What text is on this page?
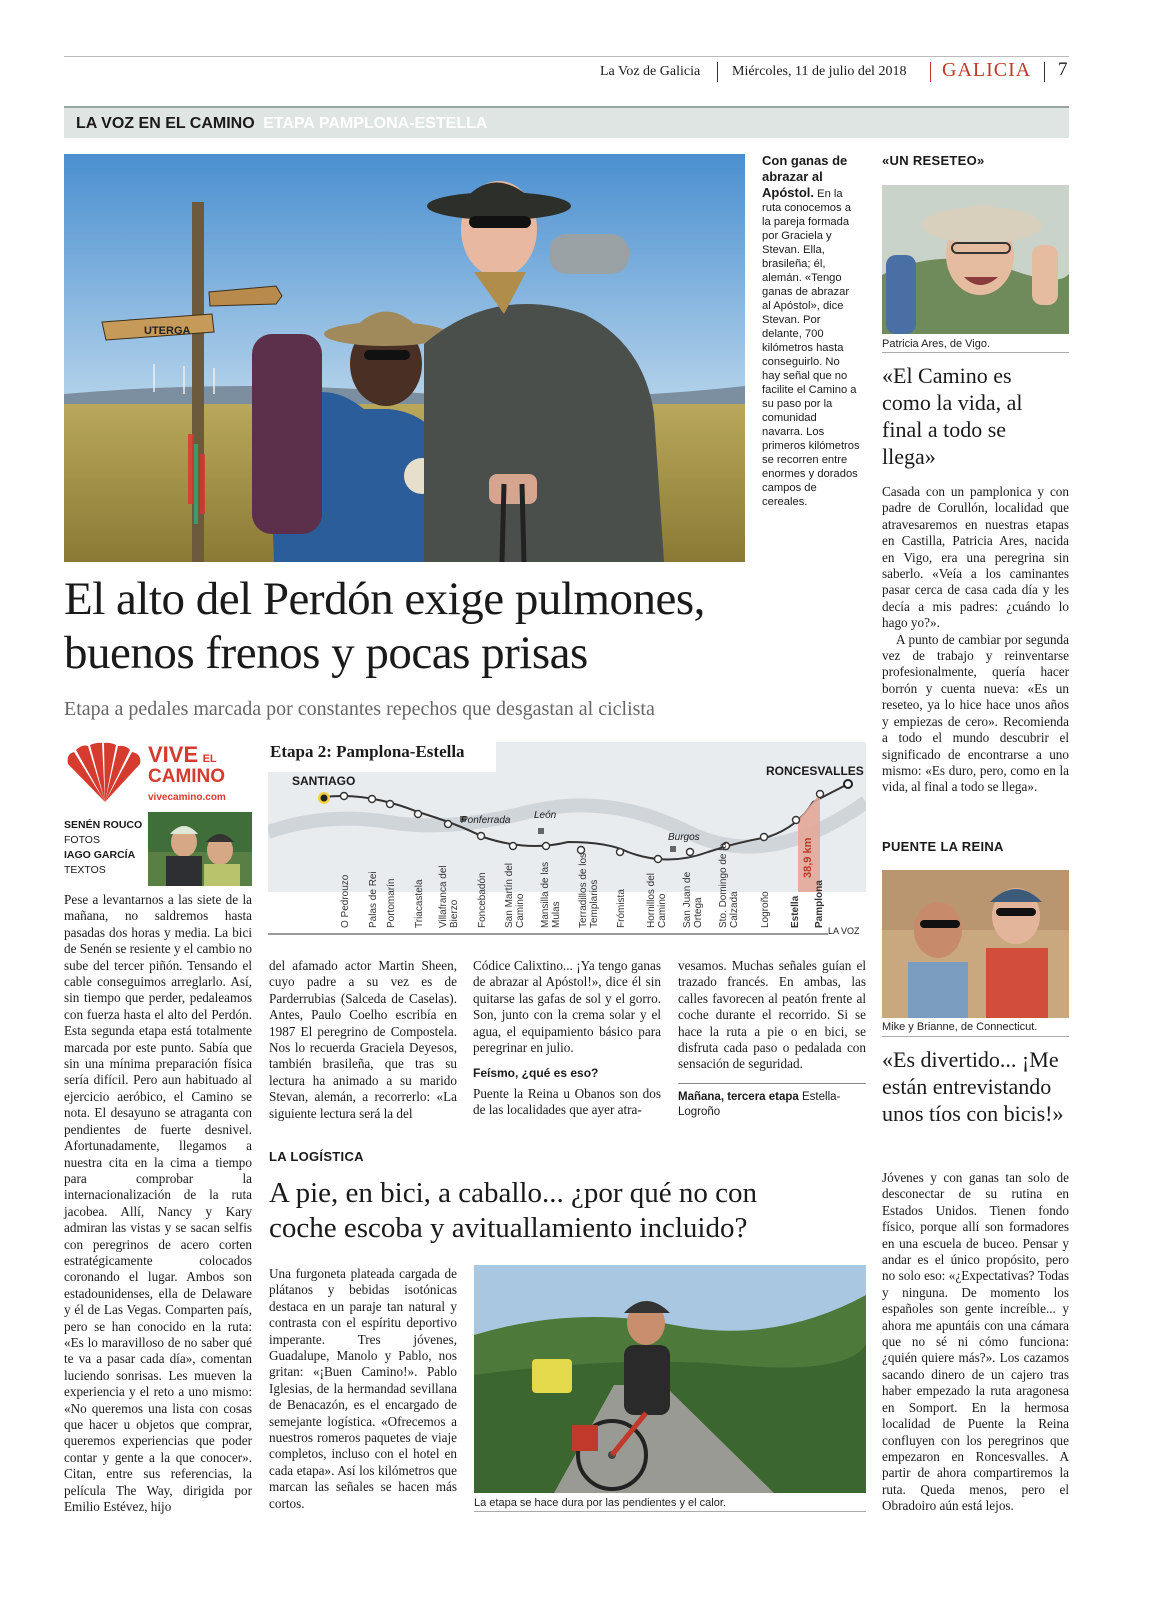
La Voz de Galicia Miércoles, 11 de julio del 2018 GALICIA 7
LA VOZ EN EL CAMINO ETAPA PAMPLONA-ESTELLA
UTERGA
Con ganas de abrazar al Apóstol. En la ruta conocemos a la pareja formada por Graciela y Stevan. Ella, brasileña; él, alemán. «Tengo ganas de abrazar al Apóstol», dice Stevan. Por delante, 700 kilómetros hasta conseguirlo. No hay señal que no facilite el Camino a su paso por la comunidad navarra. Los primeros kilómetros se recorren entre enormes y dorados campos de cereales.
El alto del Perdón exige pulmones,
buenos frenos y pocas prisas
Etapa a pedales marcada por constantes repechos que desgastan al ciclista
VIVE EL
CAMINO
vivecamino.com
SENÉN ROUCO
FOTOS
IAGO GARCÍA
TEXTOS
Etapa 2: Pamplona-Estella
SANTIAGO
RONCESVALLES
Ponferrada León
Burgos
38,9 km
LA VOZ
O Pedrouzo Palas de Rei Portomarín Triacastela Villafranca del Bierzo Foncebadón San Martín del Camino Mansilla de las Mulas Terradillos de los Templarios Frómista Hornillos del Camino San Juan de Ortega Sto. Domingo de la Calzada Logroño Estella Pamplona

Pese a levantarnos a las siete de la mañana, no saldremos hasta pasadas dos horas y media. La bici de Senén se resiente y el cambio no sube del tercer piñón. Tensando el cable conseguimos arreglarlo. Así, sin tiempo que perder, pedaleamos con fuerza hasta el alto del Perdón. Esta segunda etapa está totalmente marcada por este punto. Sabía que sin una mínima preparación física sería difícil. Pero aun habituado al ejercicio aeróbico, el Camino se nota. El desayuno se atraganta con pendientes de fuerte desnivel. Afortunadamente, llegamos a nuestra cita en la cima a tiempo para comprobar la internacionalización de la ruta jacobea. Allí, Nancy y Kary admiran las vistas y se sacan selfis con peregrinos de acero corten estratégicamente colocados coronando el lugar. Ambos son estadounidenses, ella de Delaware y él de Las Vegas. Comparten país, pero se han conocido en la ruta: «Es lo maravilloso de no saber qué te va a pasar cada día», comentan luciendo sonrisas. Les mueven la experiencia y el reto a uno mismo: «No queremos una lista con cosas que hacer u objetos que comprar, queremos experiencias que poder contar y gente a la que conocer». Citan, entre sus referencias, la película The Way, dirigida por Emilio Estévez, hijo

del afamado actor Martin Sheen, cuyo padre a su vez es de Parderrubias (Salceda de Caselas). Antes, Paulo Coelho escribía en 1987 El peregrino de Compostela. Nos lo recuerda Graciela Deyesos, también brasileña, que tras su lectura ha animado a su marido Stevan, alemán, a recorrerlo: «La siguiente lectura será la del

Códice Calixtino... ¡Ya tengo ganas de abrazar al Apóstol!», dice él sin quitarse las gafas de sol y el gorro. Son, junto con la crema solar y el agua, el equipamiento básico para peregrinar en julio.

Feísmo, ¿qué es eso?
Puente la Reina u Obanos son dos de las localidades que ayer atra-

vesamos. Muchas señales guían el trazado francés. En ambas, las calles favorecen al peatón frente al coche durante el recorrido. Si se hace la ruta a pie o en bici, se disfruta cada paso o pedalada con sensación de seguridad.

Mañana, tercera etapa Estella-Logroño
LA LOGÍSTICA
A pie, en bici, a caballo... ¿por qué no con
coche escoba y avituallamiento incluido?

Una furgoneta plateada cargada de plátanos y bebidas isotónicas destaca en un paraje tan natural y contrasta con el espíritu deportivo imperante. Tres jóvenes, Guadalupe, Manolo y Pablo, nos gritan: «¡Buen Camino!». Pablo Iglesias, de la hermandad sevillana de Benacazón, es el encargado de semejante logística. «Ofrecemos a nuestros romeros paquetes de viaje completos, incluso con el hotel en cada etapa». Así los kilómetros que marcan las señales se hacen más cortos.	La etapa se hace dura por las pendientes y el calor.
«UN RESETEO»
Patricia Ares, de Vigo.
«El Camino es como la vida, al final a todo se llega»

Casada con un pamplonica y con padre de Corullón, localidad que atravesaremos en nuestras etapas en Castilla, Patricia Ares, nacida en Vigo, era una peregrina sin saberlo. «Veía a los caminantes pasar cerca de casa cada día y les decía a mis padres: ¿cuándo lo hago yo?».

A punto de cambiar por segunda vez de trabajo y reinventarse profesionalmente, quería hacer borrón y cuenta nueva: «Es un reseteo, ya lo hice hace unos años y empiezas de cero». Recomienda a todo el mundo descubrir el significado de encontrarse a uno mismo: «Es duro, pero, como en la vida, al final a todo se llega».

PUENTE LA REINA
Mike y Brianne, de Connecticut.
«Es divertido... ¡Me están entrevistando unos tíos con bicis!»

Jóvenes y con ganas tan solo de desconectar de su rutina en Estados Unidos. Tienen fondo físico, porque allí son formadores en una escuela de buceo. Pensar y andar es el único propósito, pero no solo eso: «¿Expectativas? Todas y ninguna. De momento los españoles son gente increíble... y ahora me apuntáis con una cámara que no sé ni cómo funciona: ¿quién quiere más?». Los cazamos sacando dinero de un cajero tras haber empezado la ruta aragonesa en Somport. En la hermosa localidad de Puente la Reina confluyen con los peregrinos que empezaron en Roncesvalles. A partir de ahora compartiremos la ruta. Queda menos, pero el Obradoiro aún está lejos.
